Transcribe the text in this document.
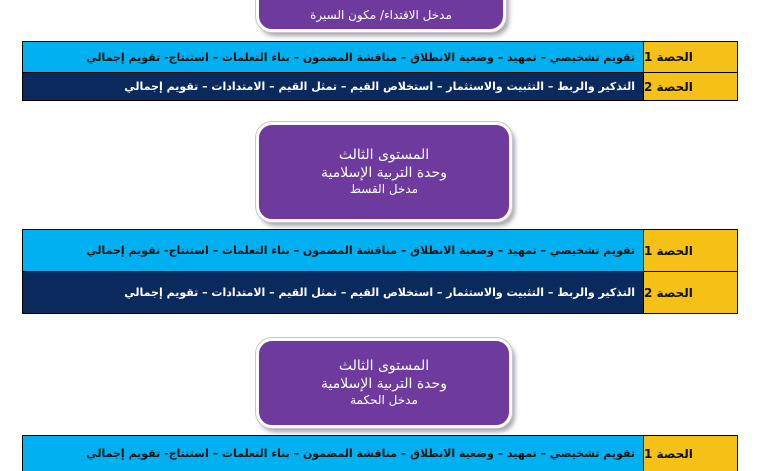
مدخل الاقتداء/ مكون السيرة
تقويم تشخيصي – تمهيد – وضعية الانطلاق – مناقشة المضمون – بناء التعلمات – استنتاج- تقويم إجمالي الحصة 1
التذكير والربط – التثبيت والاستثمار – استخلاص القيم – تمثل القيم – الامتدادات – تقويم إجمالي الحصة 2
المستوى الثالث
وحدة التربية الإسلامية
مدخل القسط
تقويم تشخيصي – تمهيد – وضعية الانطلاق – مناقشة المضمون – بناء التعلمات – استنتاج- تقويم إجمالي الحصة 1
التذكير والربط – التثبيت والاستثمار – استخلاص القيم – تمثل القيم – الامتدادات – تقويم إجمالي الحصة 2
المستوى الثالث
وحدة التربية الإسلامية
مدخل الحكمة
تقويم تشخيصي – تمهيد – وضعية الانطلاق – مناقشة المضمون – بناء التعلمات – استنتاج- تقويم إجمالي الحصة 1
